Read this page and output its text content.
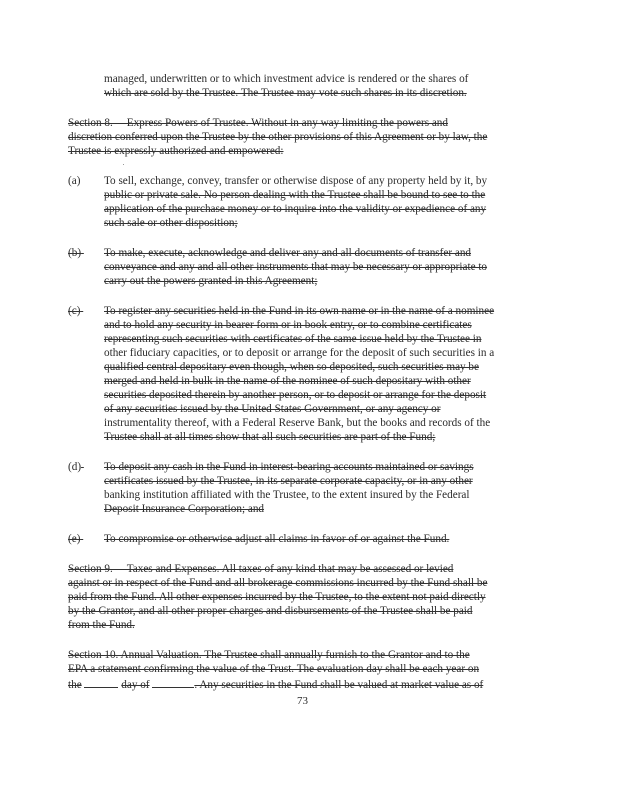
managed, underwritten or to which investment advice is rendered or the shares of
which are sold by the Trustee. The Trustee may vote such shares in its discretion.
Section 8. —Express Powers of Trustee. Without in any way limiting the powers and
discretion conferred upon the Trustee by the other provisions of this Agreement or by law, the
Trustee is expressly authorized and empowered:
(a) To sell, exchange, convey, transfer or otherwise dispose of any property held by it, by
public or private sale. No person dealing with the Trustee shall be bound to see to the
application of the purchase money or to inquire into the validity or expedience of any
such sale or other disposition;
(b)	To make, execute, acknowledge and deliver any and all documents of transfer and
conveyance and any and all other instruments that may be necessary or appropriate to
carry out the powers granted in this Agreement;
(c)	To register any securities held in the Fund in its own name or in the name of a nominee
and to hold any security in bearer form or in book entry, or to combine certificates
representing such securities with certificates of the same issue held by the Trustee in
other fiduciary capacities, or to deposit or arrange for the deposit of such securities in a
qualified central depositary even though, when so deposited, such securities may be
merged and held in bulk in the name of the nominee of such depositary with other
securities deposited therein by another person, or to deposit or arrange for the deposit
of any securities issued by the United States Government, or any agency or
instrumentality thereof, with a Federal Reserve Bank, but the books and records of the
Trustee shall at all times show that all such securities are part of the Fund;
(d)	To deposit any cash in the Fund in interest-bearing accounts maintained or savings
certificates issued by the Trustee, in its separate corporate capacity, or in any other
banking institution affiliated with the Trustee, to the extent insured by the Federal
Deposit Insurance Corporation; and
(e)	To compromise or otherwise adjust all claims in favor of or against the Fund.
Section 9. —Taxes and Expenses. All taxes of any kind that may be assessed or levied
against or in respect of the Fund and all brokerage commissions incurred by the Fund shall be
paid from the Fund. All other expenses incurred by the Trustee, to the extent not paid directly
by the Grantor, and all other proper charges and disbursements of the Trustee shall be paid
from the Fund.
Section 10. Annual Valuation. The Trustee shall annually furnish to the Grantor and to the
EPA a statement confirming the value of the Trust. The evaluation day shall be each year on
the	day of	. Any securities in the Fund shall be valued at market value as of
73
